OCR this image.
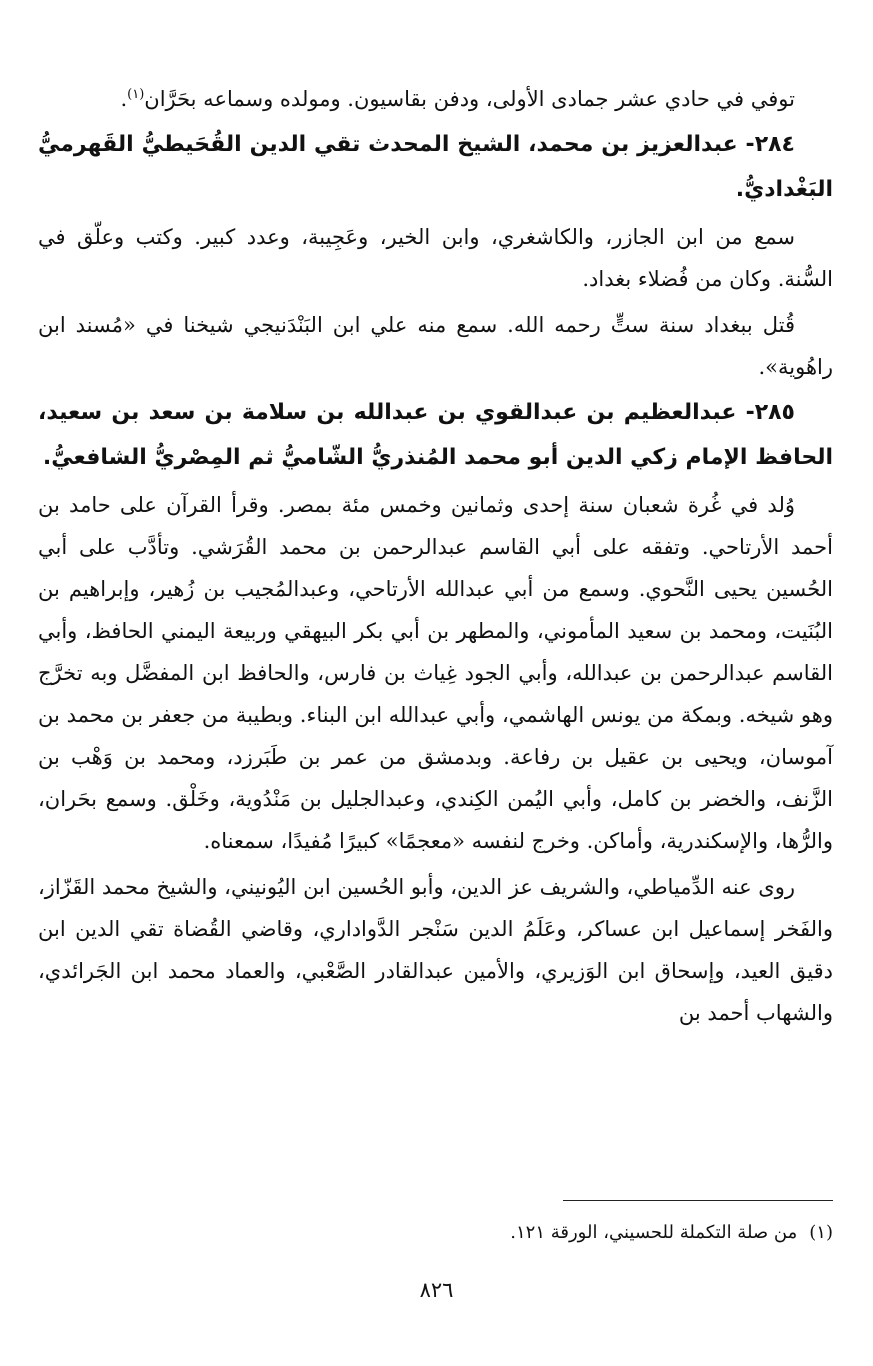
توفي في حادي عشر جمادى الأولى، ودفن بقاسيون. ومولده وسماعه بحَرَّان$^{(١)}$.

٢٨٤- عبدالعزيز بن محمد، الشيخ المحدث تقي الدين القُحَيطيُّ القَهرميُّ البَغْداديُّ.

سمع من ابن الجازر، والكاشغري، وابن الخير، وعَجِيبة، وعدد كبير. وكتب وعلّق في السُّنة. وكان من فُضلاء بغداد.

قُتل ببغداد سنة ستٍّ رحمه الله. سمع منه علي ابن البَنْدَنيجي شيخنا في «مُسند ابن راهُوية».

٢٨٥- عبدالعظيم بن عبدالقوي بن عبدالله بن سلامة بن سعد بن سعيد، الحافظ الإمام زكي الدين أبو محمد المُنذريُّ الشّاميُّ ثم المِصْريُّ الشافعيُّ.

وُلد في غُرة شعبان سنة إحدى وثمانين وخمس مئة بمصر. وقرأ القرآن على حامد بن أحمد الأرتاحي. وتفقه على أبي القاسم عبدالرحمن بن محمد القُرَشي. وتأدَّب على أبي الحُسين يحيى النَّحوي. وسمع من أبي عبدالله الأرتاحي، وعبدالمُجيب بن زُهير، وإبراهيم بن البُنَيت، ومحمد بن سعيد المأموني، والمطهر بن أبي بكر البيهقي وربيعة اليمني الحافظ، وأبي القاسم عبدالرحمن بن عبدالله، وأبي الجود غِياث بن فارس، والحافظ ابن المفضَّل وبه تخرَّج وهو شيخه. وبمكة من يونس الهاشمي، وأبي عبدالله ابن البناء. وبطيبة من جعفر بن محمد بن آموسان، ويحيى بن عقيل بن رفاعة. وبدمشق من عمر بن طَبَرزد، ومحمد بن وَهْب بن الزَّنف، والخضر بن كامل، وأبي اليُمن الكِندي، وعبدالجليل بن مَنْدُوية، وخَلْق. وسمع بحَران، والرُّها، والإسكندرية، وأماكن. وخرج لنفسه «معجمًا» كبيرًا مُفيدًا، سمعناه.

روى عنه الدِّمياطي، والشريف عز الدين، وأبو الحُسين ابن اليُونيني، والشيخ محمد القَزّاز، والفَخر إسماعيل ابن عساكر، وعَلَمُ الدين سَنْجر الدَّواداري، وقاضي القُضاة تقي الدين ابن دقيق العيد، وإسحاق ابن الوَزيري، والأمين عبدالقادر الصَّعْبي، والعماد محمد ابن الجَرائدي، والشهاب أحمد بن

(١)من صلة التكملة للحسيني، الورقة ١٢١.
٨٢٦
